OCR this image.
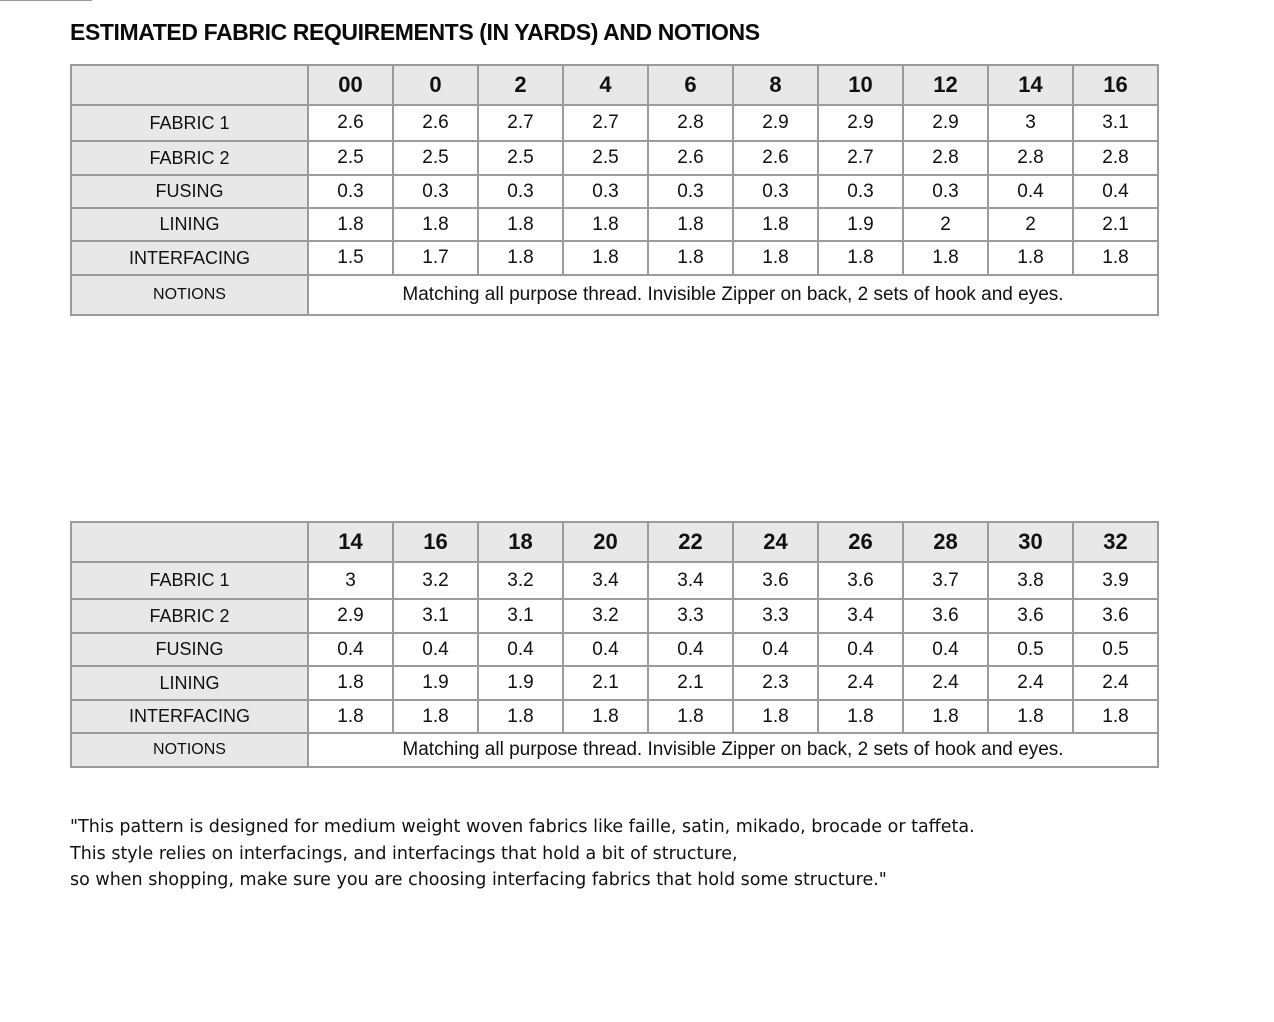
ESTIMATED FABRIC REQUIREMENTS (IN YARDS) AND NOTIONS
	00	0	2	4	6	8	10	12	14	16
FABRIC 1	2.6	2.6	2.7	2.7	2.8	2.9	2.9	2.9	3	3.1
FABRIC 2	2.5	2.5	2.5	2.5	2.6	2.6	2.7	2.8	2.8	2.8
FUSING	0.3	0.3	0.3	0.3	0.3	0.3	0.3	0.3	0.4	0.4
LINING	1.8	1.8	1.8	1.8	1.8	1.8	1.9	2	2	2.1
INTERFACING	1.5	1.7	1.8	1.8	1.8	1.8	1.8	1.8	1.8	1.8
NOTIONS	Matching all purpose thread. Invisible Zipper on back, 2 sets of hook and eyes.									
	14	16	18	20	22	24	26	28	30	32
FABRIC 1	3	3.2	3.2	3.4	3.4	3.6	3.6	3.7	3.8	3.9
FABRIC 2	2.9	3.1	3.1	3.2	3.3	3.3	3.4	3.6	3.6	3.6
FUSING	0.4	0.4	0.4	0.4	0.4	0.4	0.4	0.4	0.5	0.5
LINING	1.8	1.9	1.9	2.1	2.1	2.3	2.4	2.4	2.4	2.4
INTERFACING	1.8	1.8	1.8	1.8	1.8	1.8	1.8	1.8	1.8	1.8
NOTIONS	Matching all purpose thread. Invisible Zipper on back, 2 sets of hook and eyes.									
"This pattern is designed for medium weight woven fabrics like faille, satin, mikado, brocade or taffeta.
This style relies on interfacings, and interfacings that hold a bit of structure,
so when shopping, make sure you are choosing interfacing fabrics that hold some structure."
